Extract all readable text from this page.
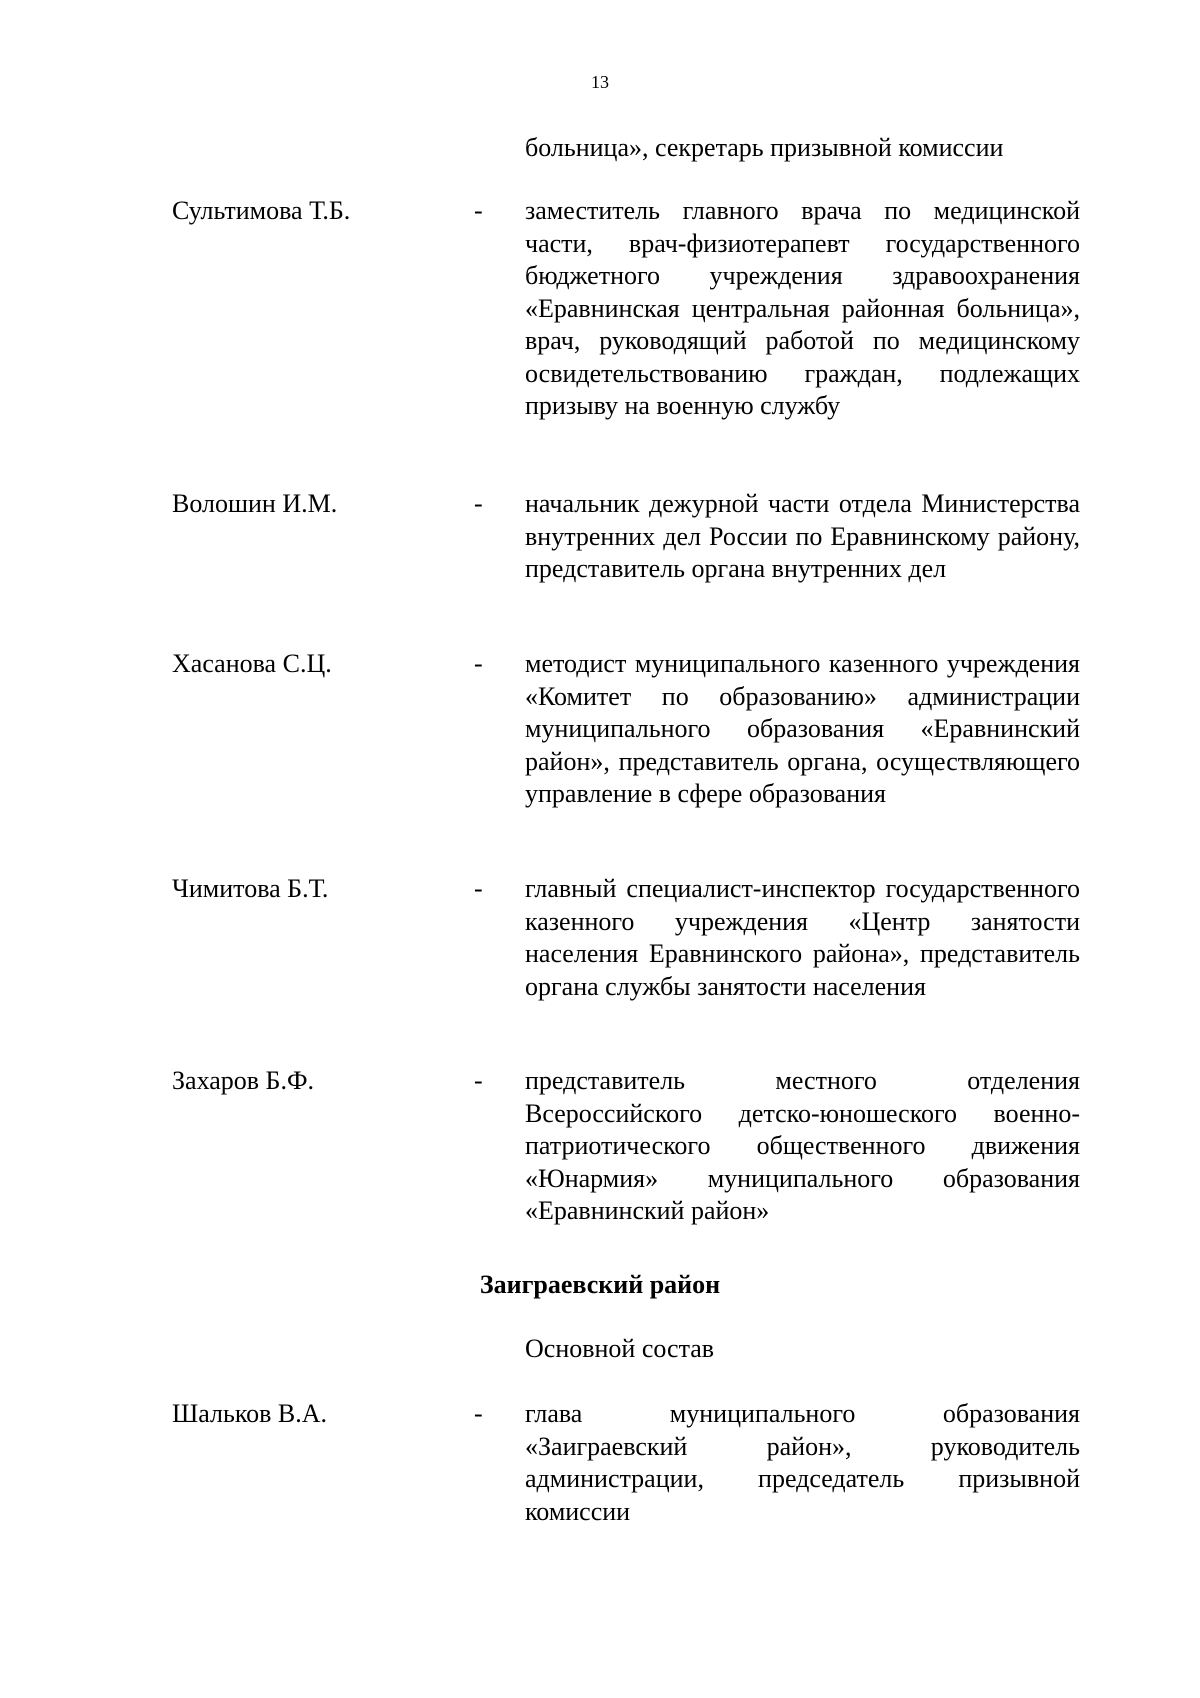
13
больница», секретарь призывной комиссии
Сультимова Т.Б.	- заместитель главного врача по медицинской части, врач-физиотерапевт государственного бюджетного учреждения здравоохранения «Еравнинская центральная районная больница», врач, руководящий работой по медицинскому освидетельствованию граждан, подлежащих призыву на военную службу
Волошин И.М.	- начальник дежурной части отдела Министерства внутренних дел России по Еравнинскому району, представитель органа внутренних дел
Хасанова С.Ц.	- методист муниципального казенного учреждения «Комитет по образованию» администрации муниципального образования «Еравнинский район», представитель органа, осуществляющего управление в сфере образования
Чимитова Б.Т.	- главный специалист-инспектор государственного казенного учреждения «Центр занятости населения Еравнинского района», представитель органа службы занятости населения
Захаров Б.Ф.	- представитель местного отделения Всероссийского детско-юношеского военно-патриотического общественного движения «Юнармия» муниципального образования «Еравнинский район»
Заиграевский район
Основной состав
Шальков В.А.	- глава муниципального образования «Заиграевский район», руководитель администрации, председатель призывной комиссии
